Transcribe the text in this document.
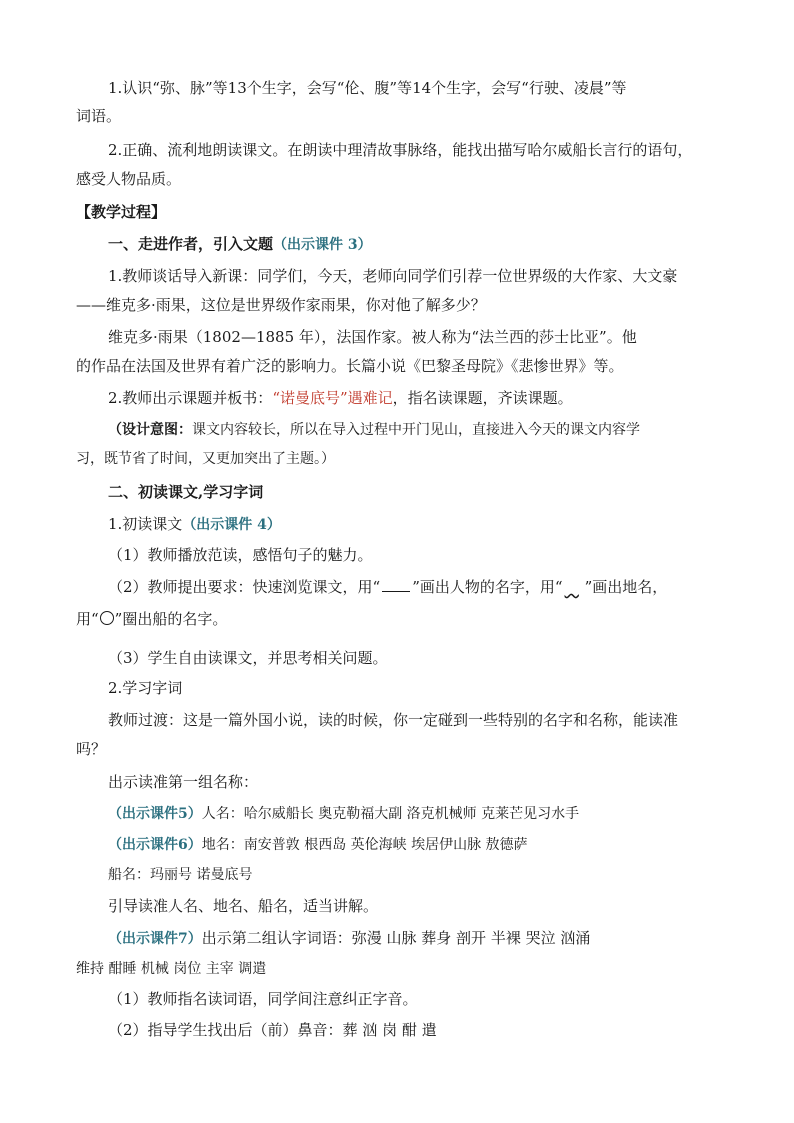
1.认识“弥、脉”等13个生字，会写“伦、腹”等14个生字，会写“行驶、凌晨”等
词语。
2.正确、流利地朗读课文。在朗读中理清故事脉络，能找出描写哈尔威船长言行的语句，
感受人物品质。
【教学过程】
一、走进作者，引入文题（出示课件 3）
1.教师谈话导入新课：同学们，今天，老师向同学们引荐一位世界级的大作家、大文豪
——维克多·雨果，这位是世界级作家雨果，你对他了解多少？
维克多·雨果（1802—1885 年），法国作家。被人称为“法兰西的莎士比亚”。他
的作品在法国及世界有着广泛的影响力。长篇小说《巴黎圣母院》《悲惨世界》等。
2.教师出示课题并板书：“诺曼底号”遇难记，指名读课题，齐读课题。
（设计意图：课文内容较长，所以在导入过程中开门见山，直接进入今天的课文内容学
习，既节省了时间，又更加突出了主题。）
二、初读课文,学习字词
1.初读课文（出示课件 4）
（1）教师播放范读，感悟句子的魅力。
（2）教师提出要求：快速浏览课文，用“ ”画出人物的名字，用“ ”画出地名，
用“○”圈出船的名字。
（3）学生自由读课文，并思考相关问题。
2.学习字词
教师过渡：这是一篇外国小说，读的时候，你一定碰到一些特别的名字和名称，能读准
吗？
出示读准第一组名称：
（出示课件5）人名：哈尔威船长 奥克勒福大副 洛克机械师 克莱芒见习水手
（出示课件6）地名：南安普敦 根西岛 英伦海峡 埃居伊山脉 敖德萨
船名：玛丽号 诺曼底号
引导读准人名、地名、船名，适当讲解。
（出示课件7）出示第二组认字词语：弥漫 山脉 葬身 剖开 半裸 哭泣 汹涌
维持 酣睡 机械 岗位 主宰 调遣
（1）教师指名读词语，同学间注意纠正字音。
（2）指导学生找出后（前）鼻音：葬 汹 岗 酣 遣
